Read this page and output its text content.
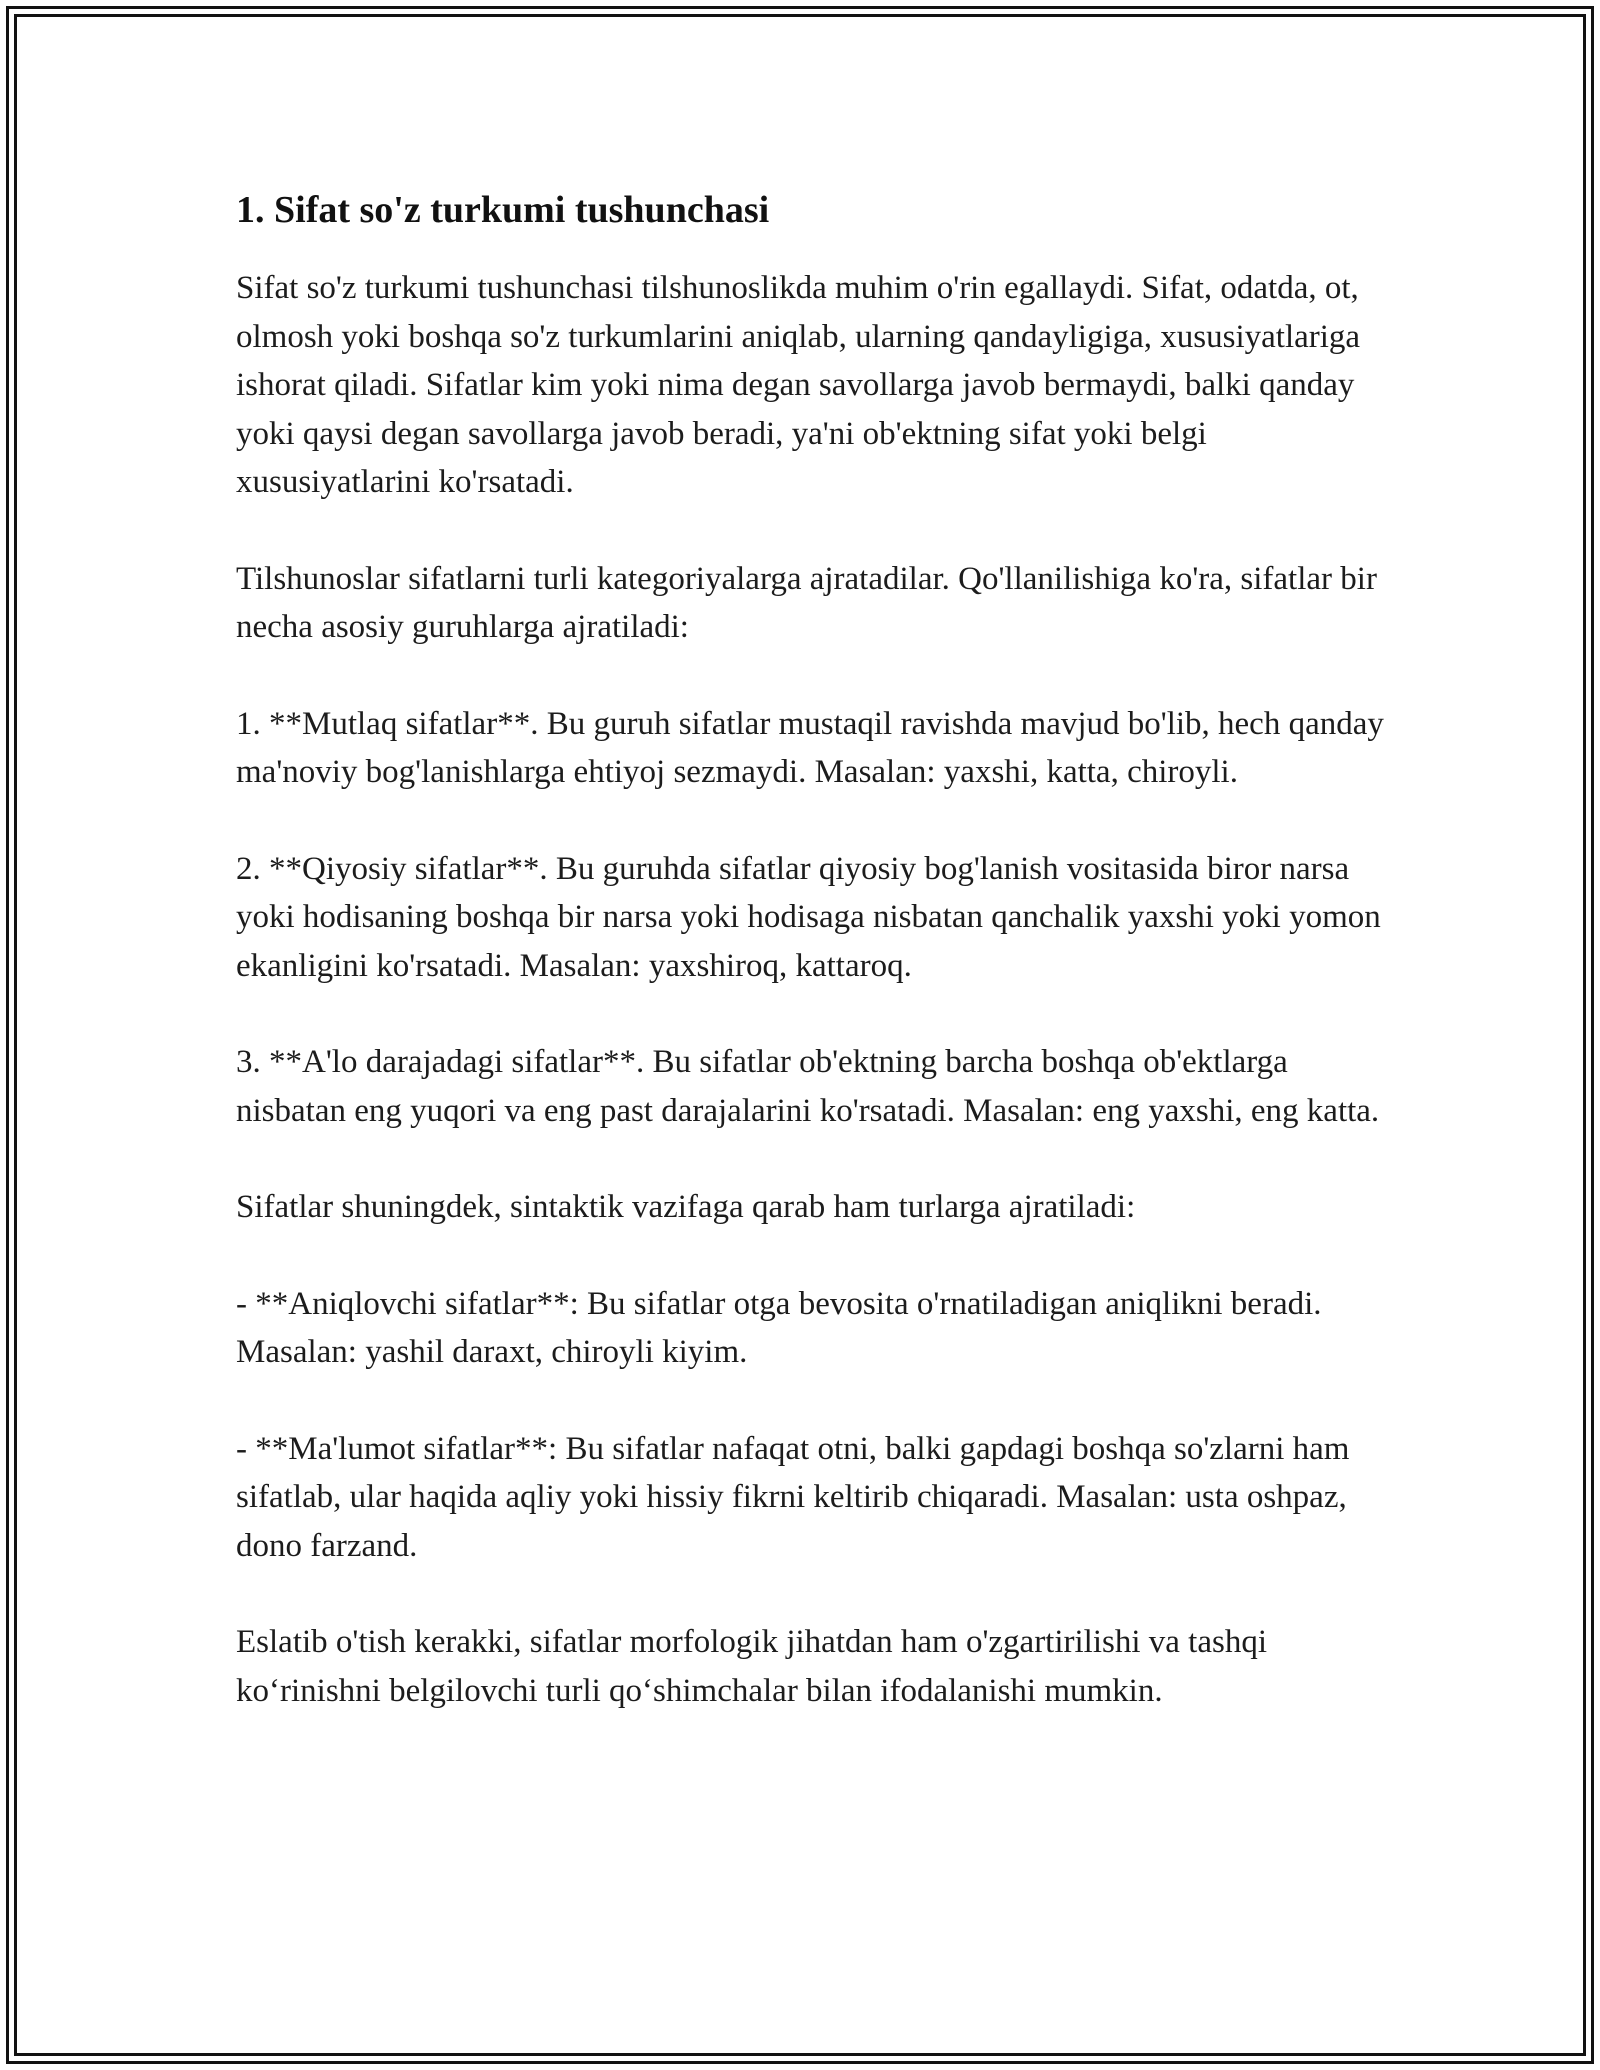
1. Sifat so'z turkumi tushunchasi

Sifat so'z turkumi tushunchasi tilshunoslikda muhim o'rin egallaydi. Sifat, odatda, ot, olmosh yoki boshqa so'z turkumlarini aniqlab, ularning qandayligiga, xususiyatlariga ishorat qiladi. Sifatlar kim yoki nima degan savollarga javob bermaydi, balki qanday yoki qaysi degan savollarga javob beradi, ya'ni ob'ektning sifat yoki belgi xususiyatlarini ko'rsatadi.

Tilshunoslar sifatlarni turli kategoriyalarga ajratadilar. Qo'llanilishiga ko'ra, sifatlar bir necha asosiy guruhlarga ajratiladi:

1. **Mutlaq sifatlar**. Bu guruh sifatlar mustaqil ravishda mavjud bo'lib, hech qanday ma'noviy bog'lanishlarga ehtiyoj sezmaydi. Masalan: yaxshi, katta, chiroyli.

2. **Qiyosiy sifatlar**. Bu guruhda sifatlar qiyosiy bog'lanish vositasida biror narsa yoki hodisaning boshqa bir narsa yoki hodisaga nisbatan qanchalik yaxshi yoki yomon ekanligini ko'rsatadi. Masalan: yaxshiroq, kattaroq.

3. **A'lo darajadagi sifatlar**. Bu sifatlar ob'ektning barcha boshqa ob'ektlarga nisbatan eng yuqori va eng past darajalarini ko'rsatadi. Masalan: eng yaxshi, eng katta.

Sifatlar shuningdek, sintaktik vazifaga qarab ham turlarga ajratiladi:

- **Aniqlovchi sifatlar**: Bu sifatlar otga bevosita o'rnatiladigan aniqlikni beradi. Masalan: yashil daraxt, chiroyli kiyim.

- **Ma'lumot sifatlar**: Bu sifatlar nafaqat otni, balki gapdagi boshqa so'zlarni ham sifatlab, ular haqida aqliy yoki hissiy fikrni keltirib chiqaradi. Masalan: usta oshpaz, dono farzand.

Eslatib o'tish kerakki, sifatlar morfologik jihatdan ham o'zgartirilishi va tashqi ko‘rinishni belgilovchi turli qo‘shimchalar bilan ifodalanishi mumkin.
